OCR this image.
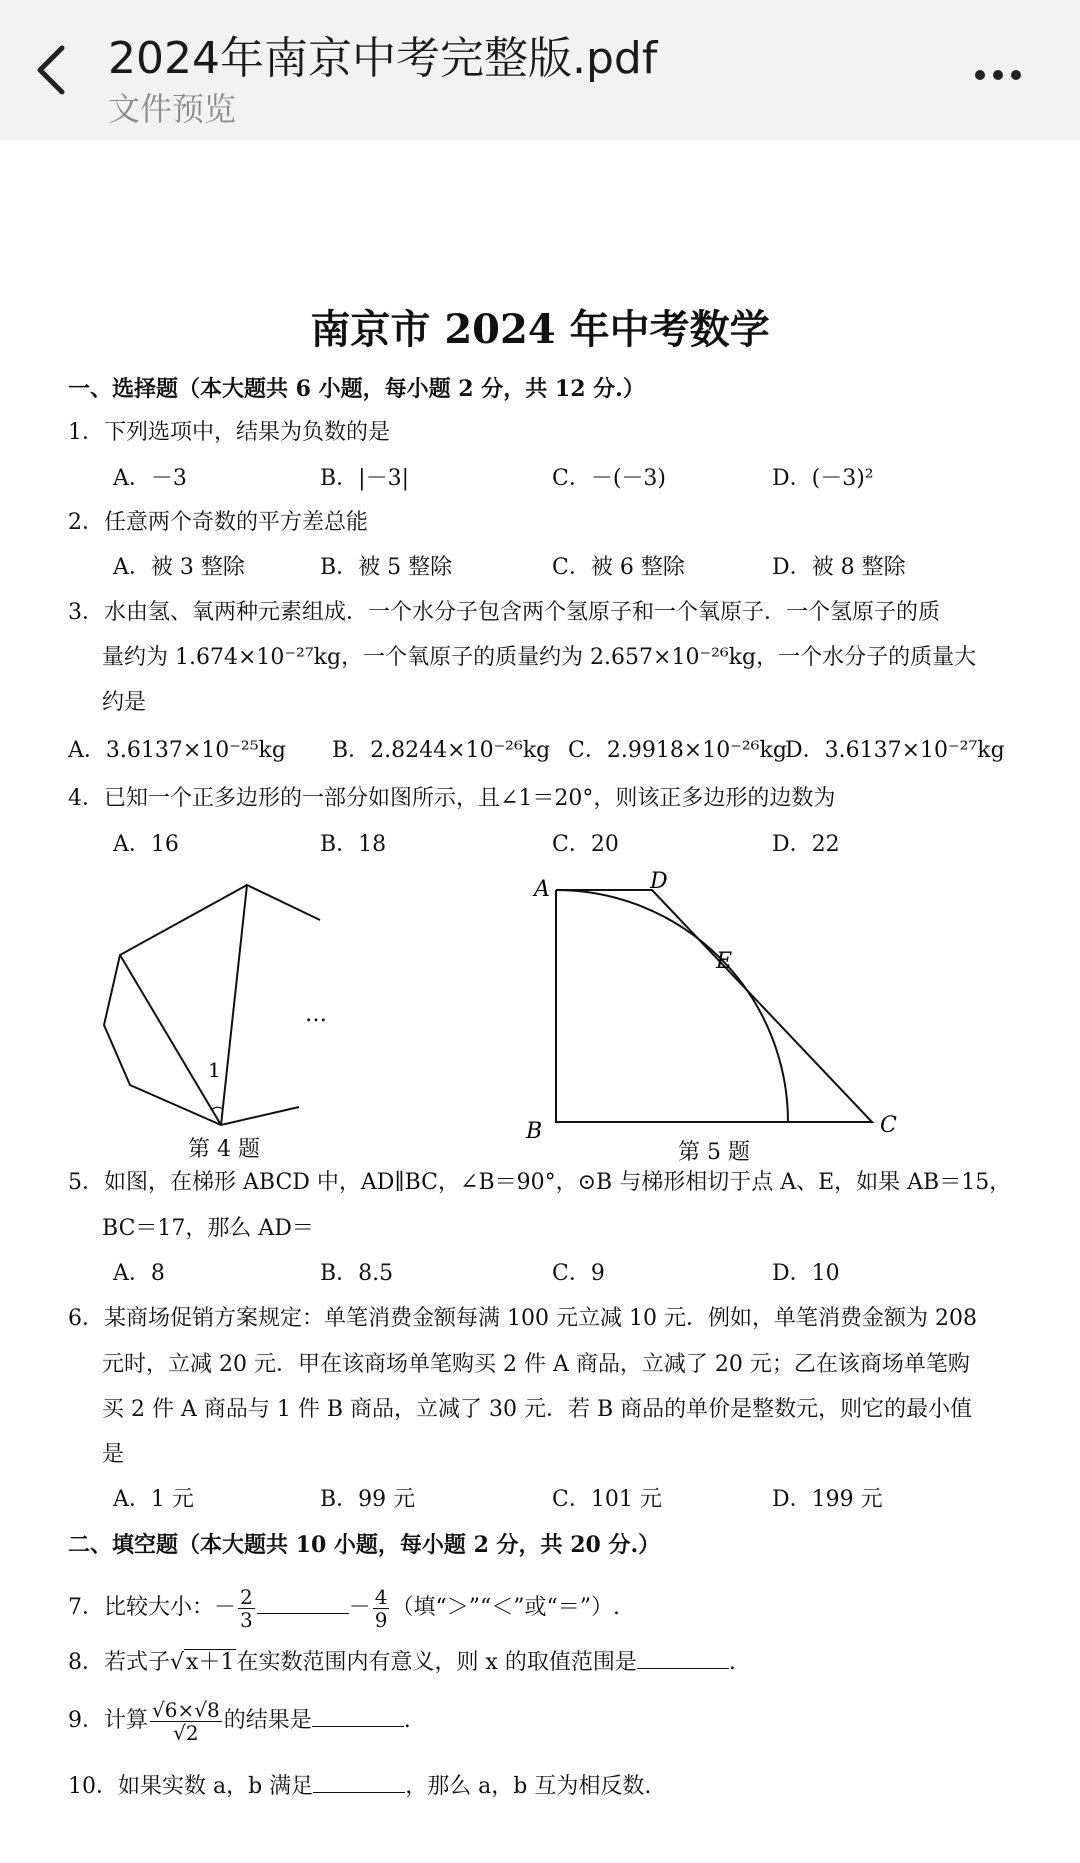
2024年南京中考完整版.pdf
文件预览
南京市 2024 年中考数学
一、选择题（本大题共 6 小题，每小题 2 分，共 12 分.）
1．下列选项中，结果为负数的是
A．－3	B．|－3|	C．－(－3)	D．(－3)²
2．任意两个奇数的平方差总能
A．被 3 整除	B．被 5 整除	C．被 6 整除	D．被 8 整除
3．水由氢、氧两种元素组成．一个水分子包含两个氢原子和一个氧原子．一个氢原子的质
量约为 1.674×10⁻²⁷kg，一个氧原子的质量约为 2.657×10⁻²⁶kg，一个水分子的质量大
约是
A．3.6137×10⁻²⁵kg B．2.8244×10⁻²⁶kg C．2.9918×10⁻²⁶kg
D．3.6137×10⁻²⁷kg
4．已知一个正多边形的一部分如图所示，且∠1＝20°，则该正多边形的边数为
A．16	B．18	C．20	D．22
1
…
第 4 题
A	D
E
B	C
第 5 题
5．如图，在梯形 ABCD 中，AD∥BC，∠B＝90°，⊙B 与梯形相切于点 A、E，如果 AB＝15，
BC＝17，那么 AD＝
A．8	B．8.5	C．9	D．10
6．某商场促销方案规定：单笔消费金额每满 100 元立减 10 元．例如，单笔消费金额为 208
元时，立减 20 元．甲在该商场单笔购买 2 件 A 商品，立减了 20 元；乙在该商场单笔购
买 2 件 A 商品与 1 件 B 商品，立减了 30 元．若 B 商品的单价是整数元，则它的最小值
是
A．1 元	B．99 元	C．101 元	D．199 元
二、填空题（本大题共 10 小题，每小题 2 分，共 20 分.）
7．比较大小：－ $\frac{2}{3}$	－ $\frac{4}{9}$ （填“＞”“＜”或“＝”）.
8．若式子√x＋1在实数范围内有意义，则 x 的取值范围是	.
9．计算 $\frac{√6\times√8}{√2}$ 的结果是	.
10．如果实数 a，b 满足	，那么 a，b 互为相反数.
